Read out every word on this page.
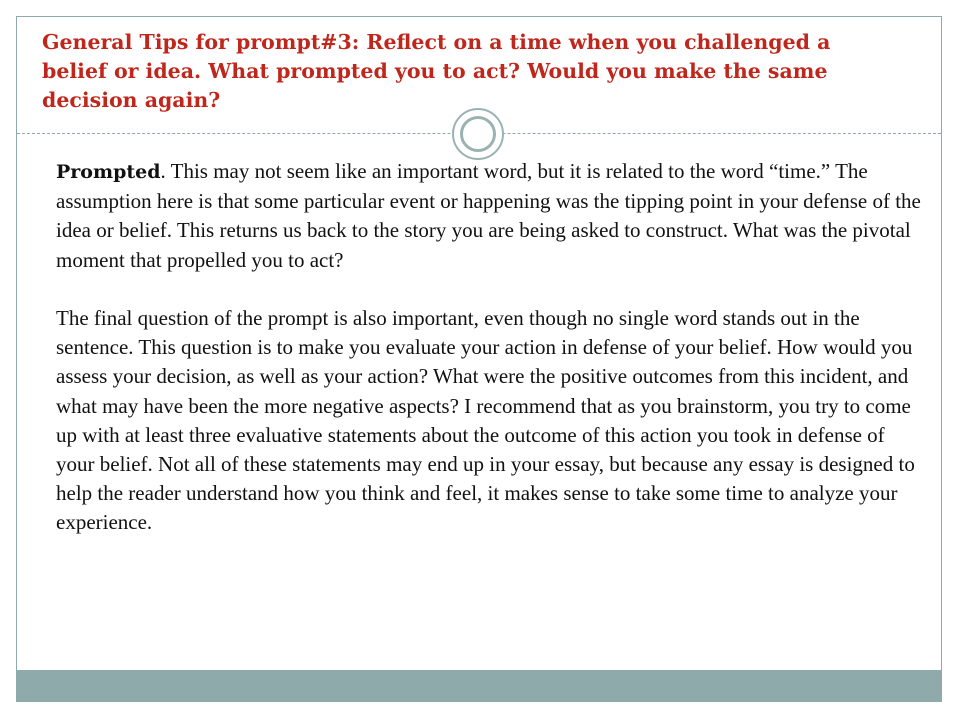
General Tips for prompt#3: Reflect on a time when you challenged a belief or idea. What prompted you to act? Would you make the same decision again?

Prompted. This may not seem like an important word, but it is related to the word “time.” The assumption here is that some particular event or happening was the tipping point in your defense of the idea or belief. This returns us back to the story you are being asked to construct. What was the pivotal moment that propelled you to act?

The final question of the prompt is also important, even though no single word stands out in the sentence. This question is to make you evaluate your action in defense of your belief. How would you assess your decision, as well as your action? What were the positive outcomes from this incident, and what may have been the more negative aspects? I recommend that as you brainstorm, you try to come up with at least three evaluative statements about the outcome of this action you took in defense of your belief. Not all of these statements may end up in your essay, but because any essay is designed to help the reader understand how you think and feel, it makes sense to take some time to analyze your experience.
